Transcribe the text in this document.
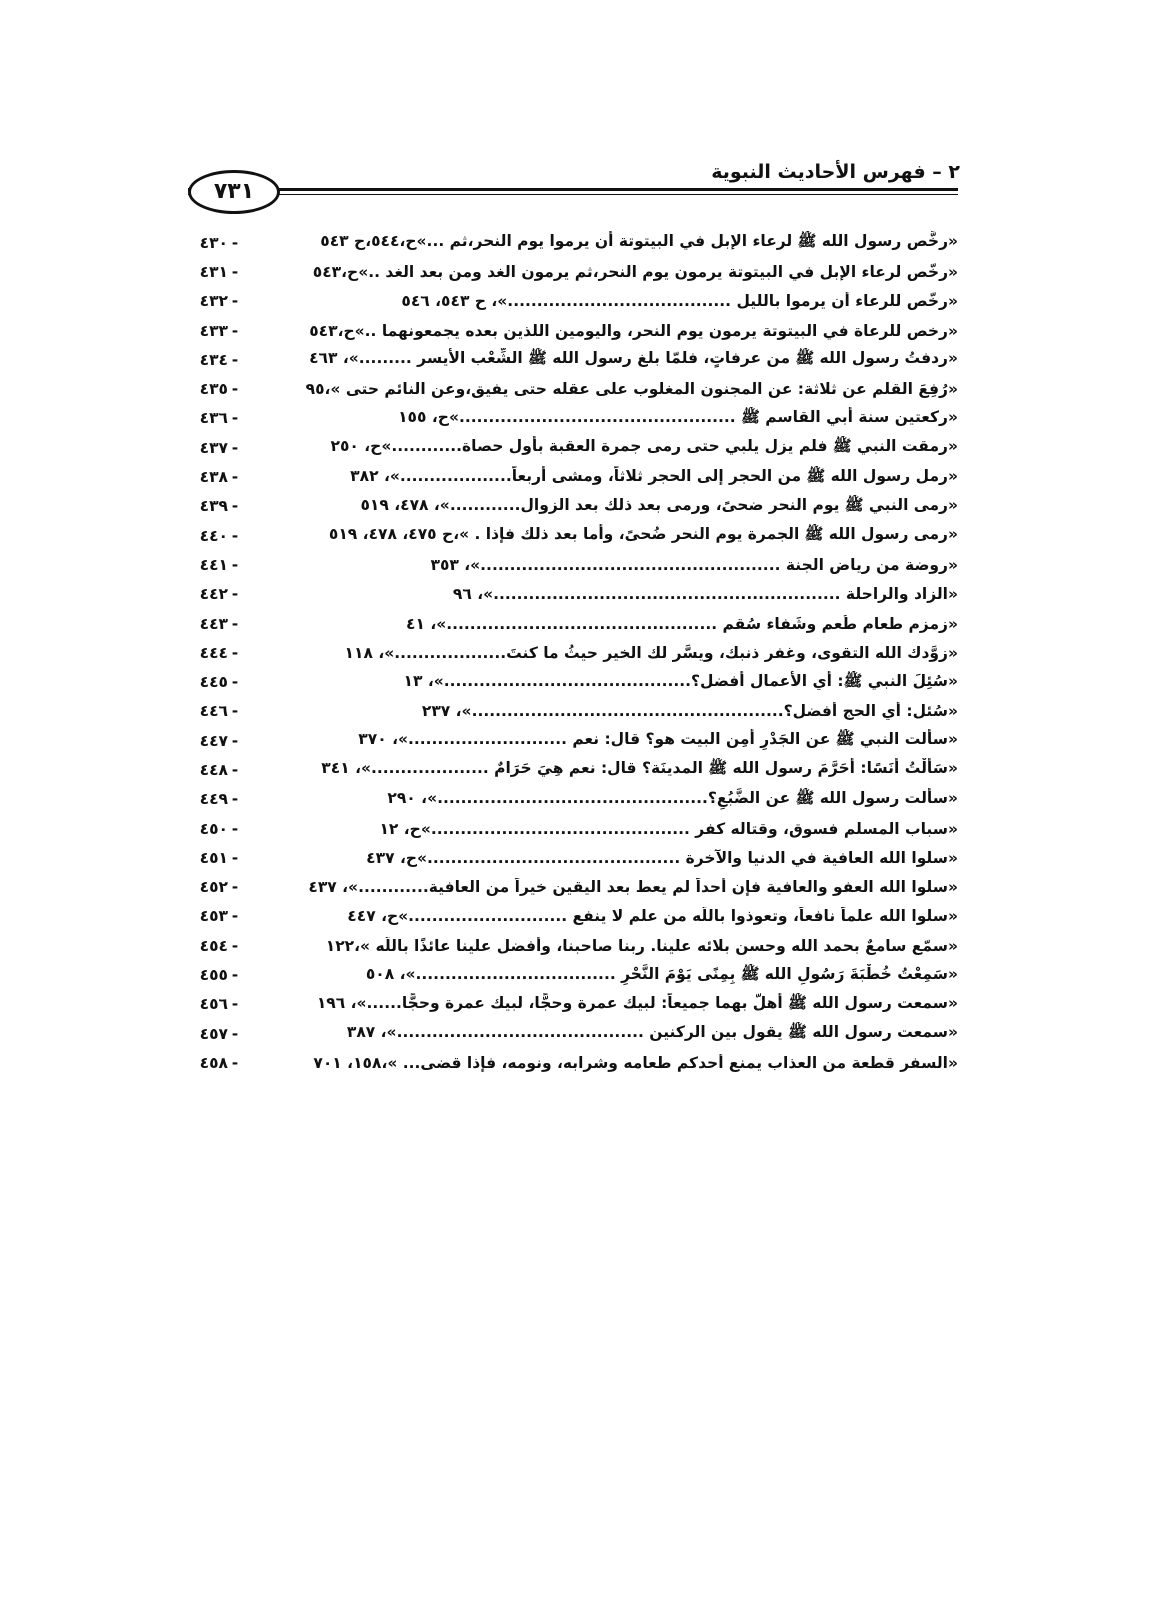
٢ – فهرس الأحاديث النبوية
٧٣١
٤٣٠ -	«رخَّص رسول الله ﷺ لرعاء الإبل في البيتوتة أن يرموا يوم النحر،ثم ...»ح،٥٤٤،ح ٥٤٣
٤٣١ -	«رخَّص لرعاء الإبل في البيتوتة يرمون يوم النحر،ثم يرمون الغد ومن بعد الغد ..»ح،٥٤٣
٤٣٢ -	«رخَّص للرعاء أن يرموا بالليل ......................................»، ح ٥٤٣، ٥٤٦
٤٣٣ -	«رخص للرعاة في البيتوتة يرمون يوم النحر، واليومين اللذين بعده يجمعونهما ..»ح،٥٤٣
٤٣٤ -	«ردفتُ رسول الله ﷺ من عرفاتٍ، فلمّا بلغ رسول الله ﷺ الشِّعْب الأيسر .........»، ٤٦٣
٤٣٥ -	«رُفِعَ القلم عن ثلاثة: عن المجنون المغلوب على عقله حتى يفيق،وعن النائم حتى »،٩٥
٤٣٦ -	«ركعتين سنة أبي القاسم ﷺ ...............................................»ح، ١٥٥
٤٣٧ -	«رمقت النبي ﷺ فلم يزل يلبي حتى رمى جمرة العقبة بأول حصاة............»ح، ٢٥٠
٤٣٨ -	«رمل رسول الله ﷺ من الحجر إلى الحجر ثلاثاً، ومشى أربعاً...................»، ٣٨٢
٤٣٩ -	«رمى النبي ﷺ يوم النحر ضحىً، ورمى بعد ذلك بعد الزوال............»، ٤٧٨، ٥١٩
٤٤٠ -	«رمى رسول الله ﷺ الجمرة يوم النحر ضُحىً، وأما بعد ذلك فإذا . »،ح ٤٧٥، ٤٧٨، ٥١٩
٤٤١ -	«روضة من رياض الجنة ...................................................»، ٣٥٣
٤٤٢ -	«الزاد والراحلة ...........................................................»، ٩٦
٤٤٣ -	«زمزم طعام طُعم وشَفاء سُقم ..............................................»، ٤١
٤٤٤ -	«زوَّدك الله التقوى، وغفر ذنبك، ويسَّر لك الخير حيثُ ما كنتَ...................»، ١١٨
٤٤٥ -	«سُئِلَ النبي ﷺ: أي الأعمال أفضل؟..........................................»، ١٣
٤٤٦ -	«سُئل: أي الحج أفضل؟.....................................................»، ٢٣٧
٤٤٧ -	«سألت النبي ﷺ عن الجَدْرِ أمِن البيت هو؟ قال: نعم ...........................»، ٣٧٠
٤٤٨ -	«سَأَلْتُ أَنَسًا: أَحَرَّمَ رسول الله ﷺ المدينَة؟ قال: نعم هِيَ حَرَامٌ ....................»، ٣٤١
٤٤٩ -	«سألت رسول الله ﷺ عن الضَّبُعِ؟..............................................»، ٢٩٠
٤٥٠ -	«سباب المسلم فسوق، وقتاله كفر ............................................»ح، ١٢
٤٥١ -	«سلوا الله العافية في الدنيا والآخرة ...........................................»ح، ٤٣٧
٤٥٢ -	«سلوا الله العفو والعافية فإن أحداً لم يعط بعد اليقين خيراً من العافية............»، ٤٣٧
٤٥٣ -	«سلوا الله علماً نافعاً، وتعوذوا باللَّه من علم لا ينفع ...........................»ح، ٤٤٧
٤٥٤ -	«سمّع سامعٌ بحمد الله وحسن بلائه علينا. ربنا صاحبنا، وأفضل علينا عائذًا باللَّه »،١٢٢
٤٥٥ -	«سَمِعْتُ خُطْبَةَ رَسُولِ الله ﷺ بِمِنًى يَوْمَ النَّحْرِ ..................................»، ٥٠٨
٤٥٦ -	«سمعت رسول الله ﷺ أهلَّ بهما جميعاً: لبيك عمرة وحجًّا، لبيك عمرة وحجًّا......»، ١٩٦
٤٥٧ -	«سمعت رسول الله ﷺ يقول بين الركنين ..........................................»، ٣٨٧
٤٥٨ -	«السفر قطعة من العذاب يمنع أحدكم طعامه وشرابه، ونومه، فإذا قضى... »،١٥٨، ٧٠١
